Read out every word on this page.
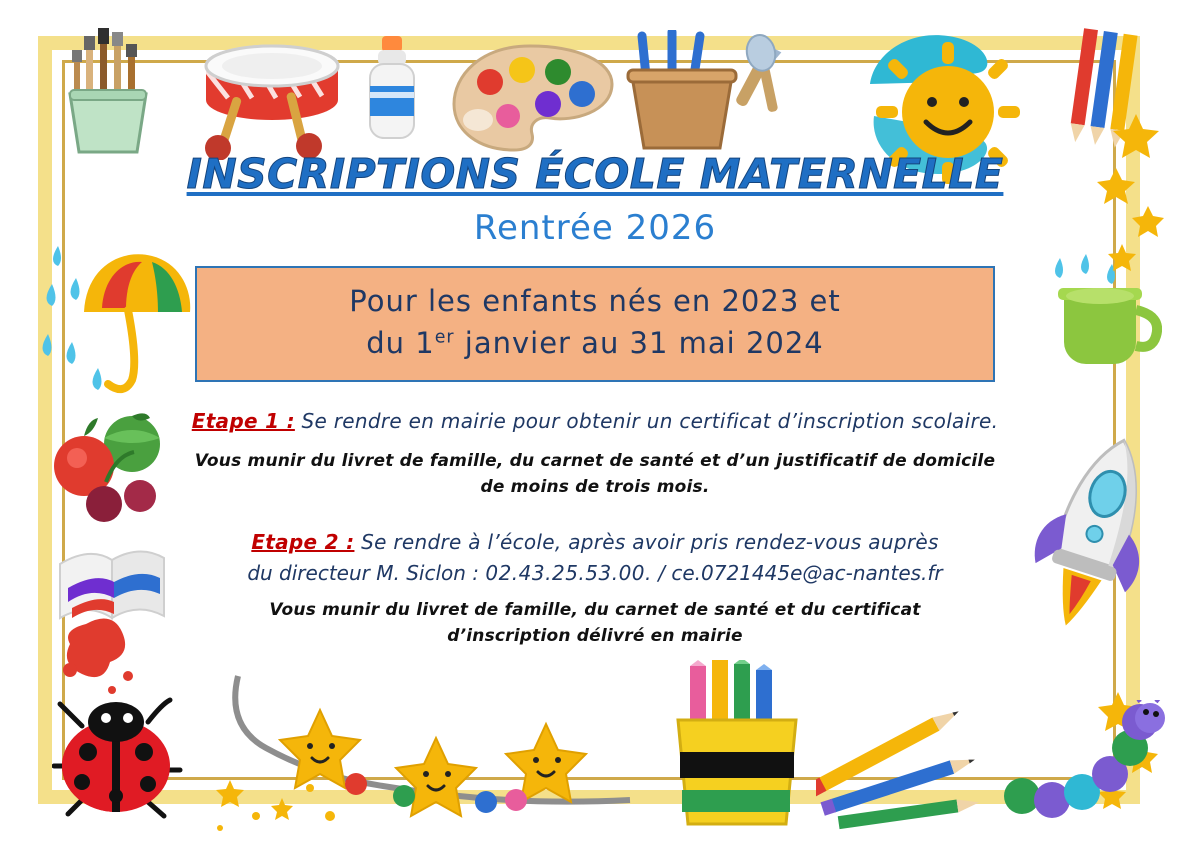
INSCRIPTIONS ÉCOLE MATERNELLE
Rentrée 2026
Pour les enfants nés en 2023 et
du 1er janvier au 31 mai 2024
Etape 1 : Se rendre en mairie pour obtenir un certificat d’inscription scolaire.
Vous munir du livret de famille, du carnet de santé et d’un justificatif de domicile
de moins de trois mois.
Etape 2 : Se rendre à l’école, après avoir pris rendez-vous auprès
du directeur M. Siclon : 02.43.25.53.00. / ce.0721445e@ac-nantes.fr
Vous munir du livret de famille, du carnet de santé et du certificat
d’inscription délivré en mairie
